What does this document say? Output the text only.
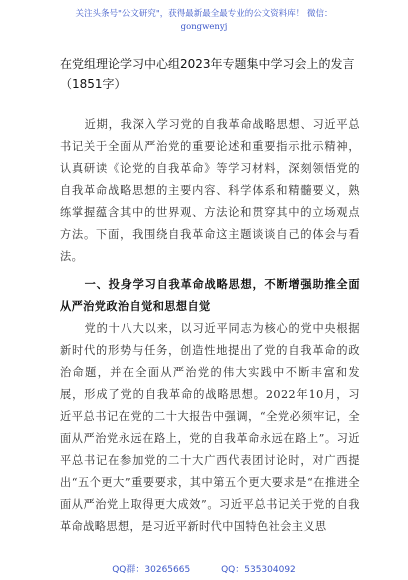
关注头条号"公文研究"，获得最新最全最专业的公文资料库！ 微信：
gongwenyj
在党组理论学习中心组2023年专题集中学习会上的发言
（1851字）

近期，我深入学习党的自我革命战略思想、习近平总书记关于全面从严治党的重要论述和重要指示批示精神，认真研读《论党的自我革命》等学习材料，深刻领悟党的自我革命战略思想的主要内容、科学体系和精髓要义，熟练掌握蕴含其中的世界观、方法论和贯穿其中的立场观点方法。下面，我围绕自我革命这主题谈谈自己的体会与看法。

一、投身学习自我革命战略思想，不断增强助推全面从严治党政治自觉和思想自觉

党的十八大以来，以习近平同志为核心的党中央根据新时代的形势与任务，创造性地提出了党的自我革命的政治命题，并在全面从严治党的伟大实践中不断丰富和发展，形成了党的自我革命的战略思想。2022年10月，习近平总书记在党的二十大报告中强调，“全党必须牢记，全面从严治党永远在路上，党的自我革命永远在路上”。习近平总书记在参加党的二十大广西代表团讨论时，对广西提出“五个更大”重要要求，其中第五个更大要求是“在推进全面从严治党上取得更大成效”。习近平总书记关于党的自我革命战略思想，是习近平新时代中国特色社会主义思

QQ群：30265665	QQ：535304092
